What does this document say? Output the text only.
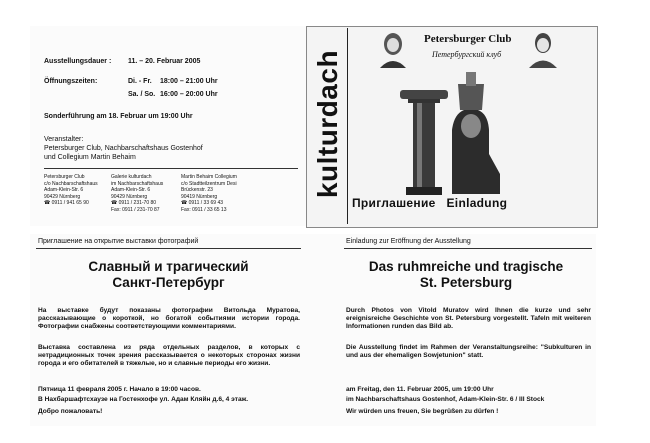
Ausstellungsdauer : 11. – 20. Februar 2005
Öffnungszeiten:	Di. - Fr. 18:00 – 21:00 Uhr
Sa. / So. 16:00 – 20:00 Uhr
Sonderführung am 18. Februar um 19:00 Uhr
Veranstalter:
Petersburger Club, Nachbarschaftshaus Gostenhof
und Collegium Martin Behaim
Petersburger Club
c/o Nachbarschaftshaus
Adam-Klein-Str. 6
90429 Nürnberg
☎ 0911 / 941 65 90
Galerie kulturdach
im Nachbarschaftshaus
Adam-Klein-Str. 6
90429 Nürnberg
☎ 0911 / 231-70 80
Fax: 0911 / 231-70 87
Martin Behaim Collegium
c/o Stadtteilzentrum Desi
Brückenstr. 23
90419 Nürnberg
☎ 0911 / 33 69 43
Fax: 0911 / 33 65 13
kulturdach
Petersburger Club
Петербургский клуб
Приглашение   Einladung
Приглашение на открытие выставки фотографий
Славный и трагический
Санкт-Петербург
На выставке будут показаны фотографии Витольда Муратова, рассказывающие о короткой, но богатой событиями истории города. Фотографии снабжены соответствующими комментариями.
Выставка составлена из ряда отдельных разделов, в которых с нетрадиционных точек зрения рассказывается о некоторых сторонах жизни города и его обитателей в тяжелые, но и славные периоды его жизни.
Пятница 11 февраля 2005 г. Начало в 19:00 часов.
В Нахбаршафтсхаузе на Гостенхофе ул. Адам Кляйн д.6, 4 этаж.
Добро пожаловать!
Einladung zur Eröffnung der Ausstellung
Das ruhmreiche und tragische
St. Petersburg
Durch Photos von Vitold Muratov wird Ihnen die kurze und sehr ereignisreiche Geschichte von St. Petersburg vorgestellt. Tafeln mit weiteren Informationen runden das Bild ab.
Die Ausstellung findet im Rahmen der Veranstaltungsreihe: "Subkulturen in und aus der ehemaligen Sowjetunion" statt.
am Freitag, den 11. Februar 2005, um 19:00 Uhr
im Nachbarschaftshaus Gostenhof, Adam-Klein-Str. 6 / III Stock
Wir würden uns freuen, Sie begrüßen zu dürfen !
